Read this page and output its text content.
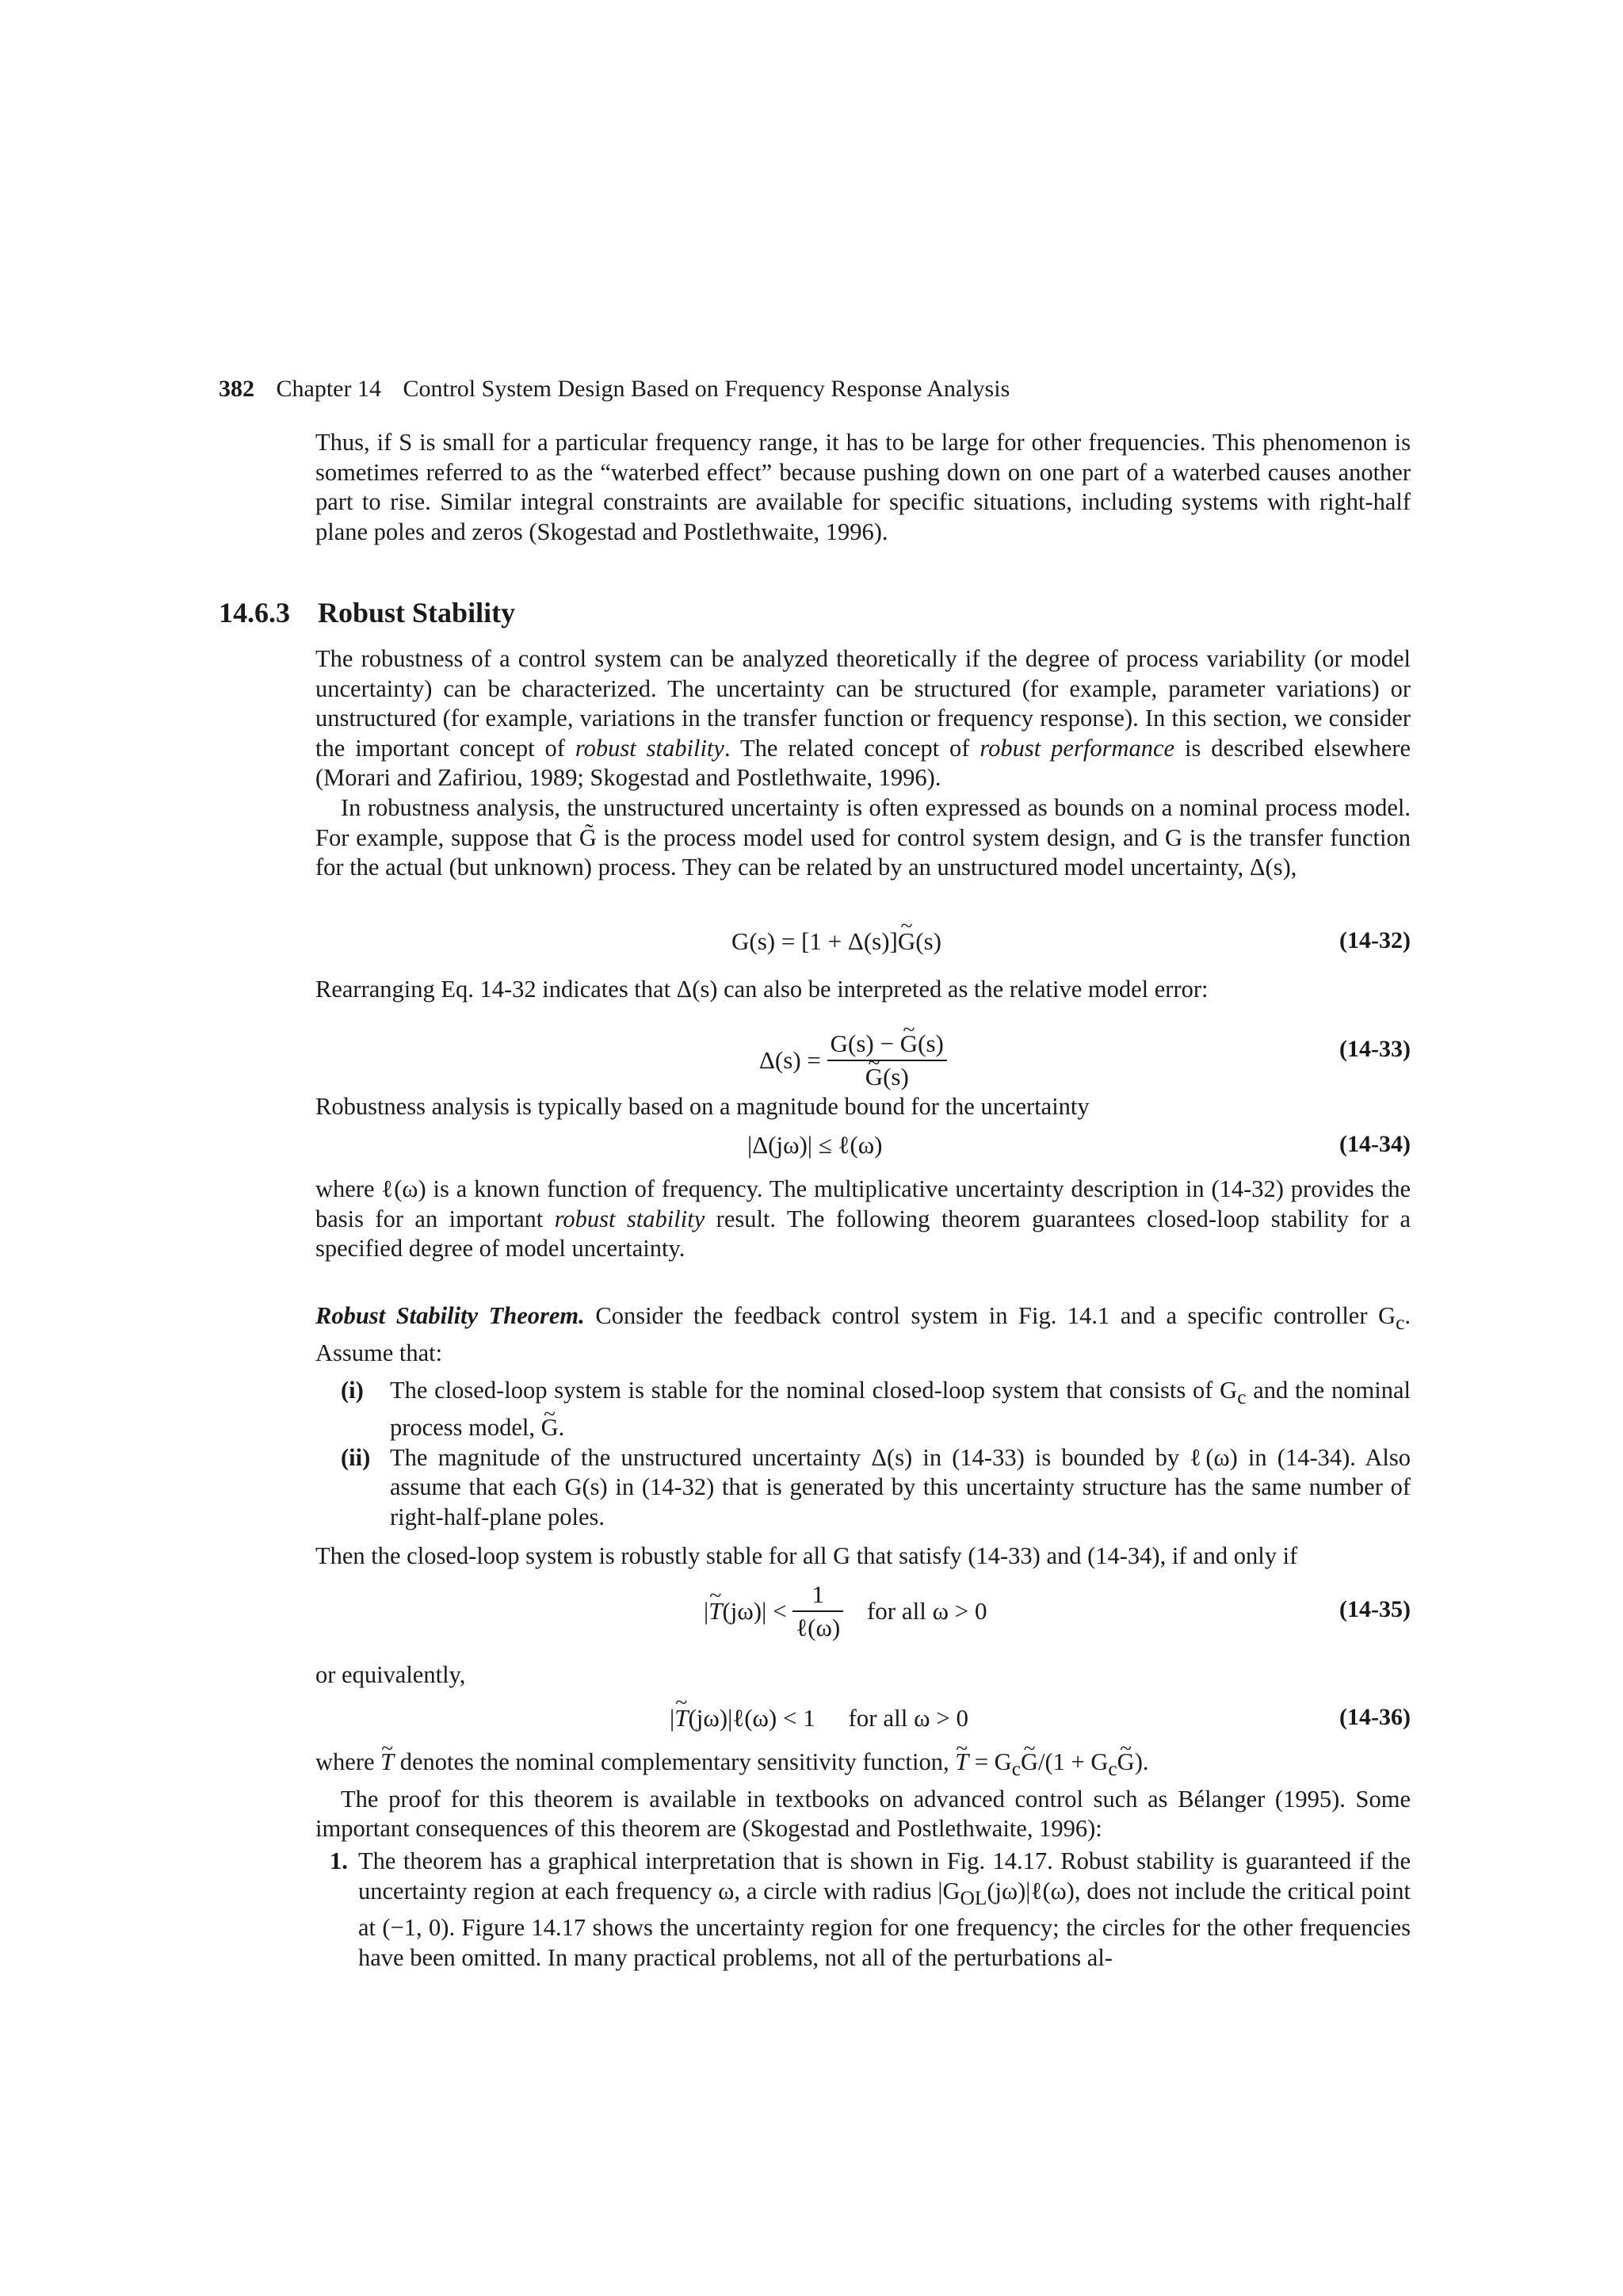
382 Chapter 14 Control System Design Based on Frequency Response Analysis

Thus, if S is small for a particular frequency range, it has to be large for other frequencies. This phenomenon is sometimes referred to as the “waterbed effect” because pushing down on one part of a waterbed causes another part to rise. Similar integral constraints are available for specific situations, including systems with right-half plane poles and zeros (Skogestad and Postlethwaite, 1996).

14.6.3 Robust Stability

The robustness of a control system can be analyzed theoretically if the degree of process variability (or model uncertainty) can be characterized. The uncertainty can be structured (for example, parameter variations) or unstructured (for example, variations in the transfer function or frequency response). In this section, we consider the important concept of robust stability. The related concept of robust performance is described elsewhere (Morari and Zafiriou, 1989; Skogestad and Postlethwaite, 1996).

In robustness analysis, the unstructured uncertainty is often expressed as bounds on a nominal process model. For example, suppose that G̃ is the process model used for control system design, and G is the transfer function for the actual (but unknown) process. They can be related by an unstructured model uncertainty, Δ(s),

G(s) = [1 + Δ(s)]~ G(s)	(14-32)

Rearranging Eq. 14-32 indicates that Δ(s) can also be interpreted as the relative model error:

Δ(s) = G(s) − ~ G(s)
~ G(s)	(14-33)

Robustness analysis is typically based on a magnitude bound for the uncertainty

|Δ(jω)| ≤ ℓ(ω)	(14-34)

where ℓ(ω) is a known function of frequency. The multiplicative uncertainty description in (14-32) provides the basis for an important robust stability result. The following theorem guarantees closed-loop stability for a specified degree of model uncertainty.

Robust Stability Theorem. Consider the feedback control system in Fig. 14.1 and a specific controller $G_c$. Assume that:

(i) The closed-loop system is stable for the nominal closed-loop system that consists of $G_c$ and the nominal process model, ~ G.
(ii) The magnitude of the unstructured uncertainty Δ(s) in (14-33) is bounded by ℓ(ω) in (14-34). Also assume that each G(s) in (14-32) that is generated by this uncertainty structure has the same number of right-half-plane poles.

Then the closed-loop system is robustly stable for all G that satisfy (14-33) and (14-34), if and only if

|~ $T(j\omega)| < \frac{1}{\text{ℓ(ω)}}$ for all ω > 0	(14-35)

or equivalently,

|~ T(jω)|ℓ(ω) < 1 for all ω > 0	(14-36)

where ~ T denotes the nominal complementary sensitivity function, ~ $T = G_c\sim$ $G/(1 + G_c\sim$ G).

The proof for this theorem is available in textbooks on advanced control such as Bélanger (1995). Some important consequences of this theorem are (Skogestad and Postlethwaite, 1996):

1. The theorem has a graphical interpretation that is shown in Fig. 14.17. Robust stability is guaranteed if the uncertainty region at each frequency ω, a circle with radius $|G_{OL}(j\omega)|\ell(\omega)$, does not include the critical point at (−1, 0). Figure 14.17 shows the uncertainty region for one frequency; the circles for the other frequencies have been omitted. In many practical problems, not all of the perturbations al-
